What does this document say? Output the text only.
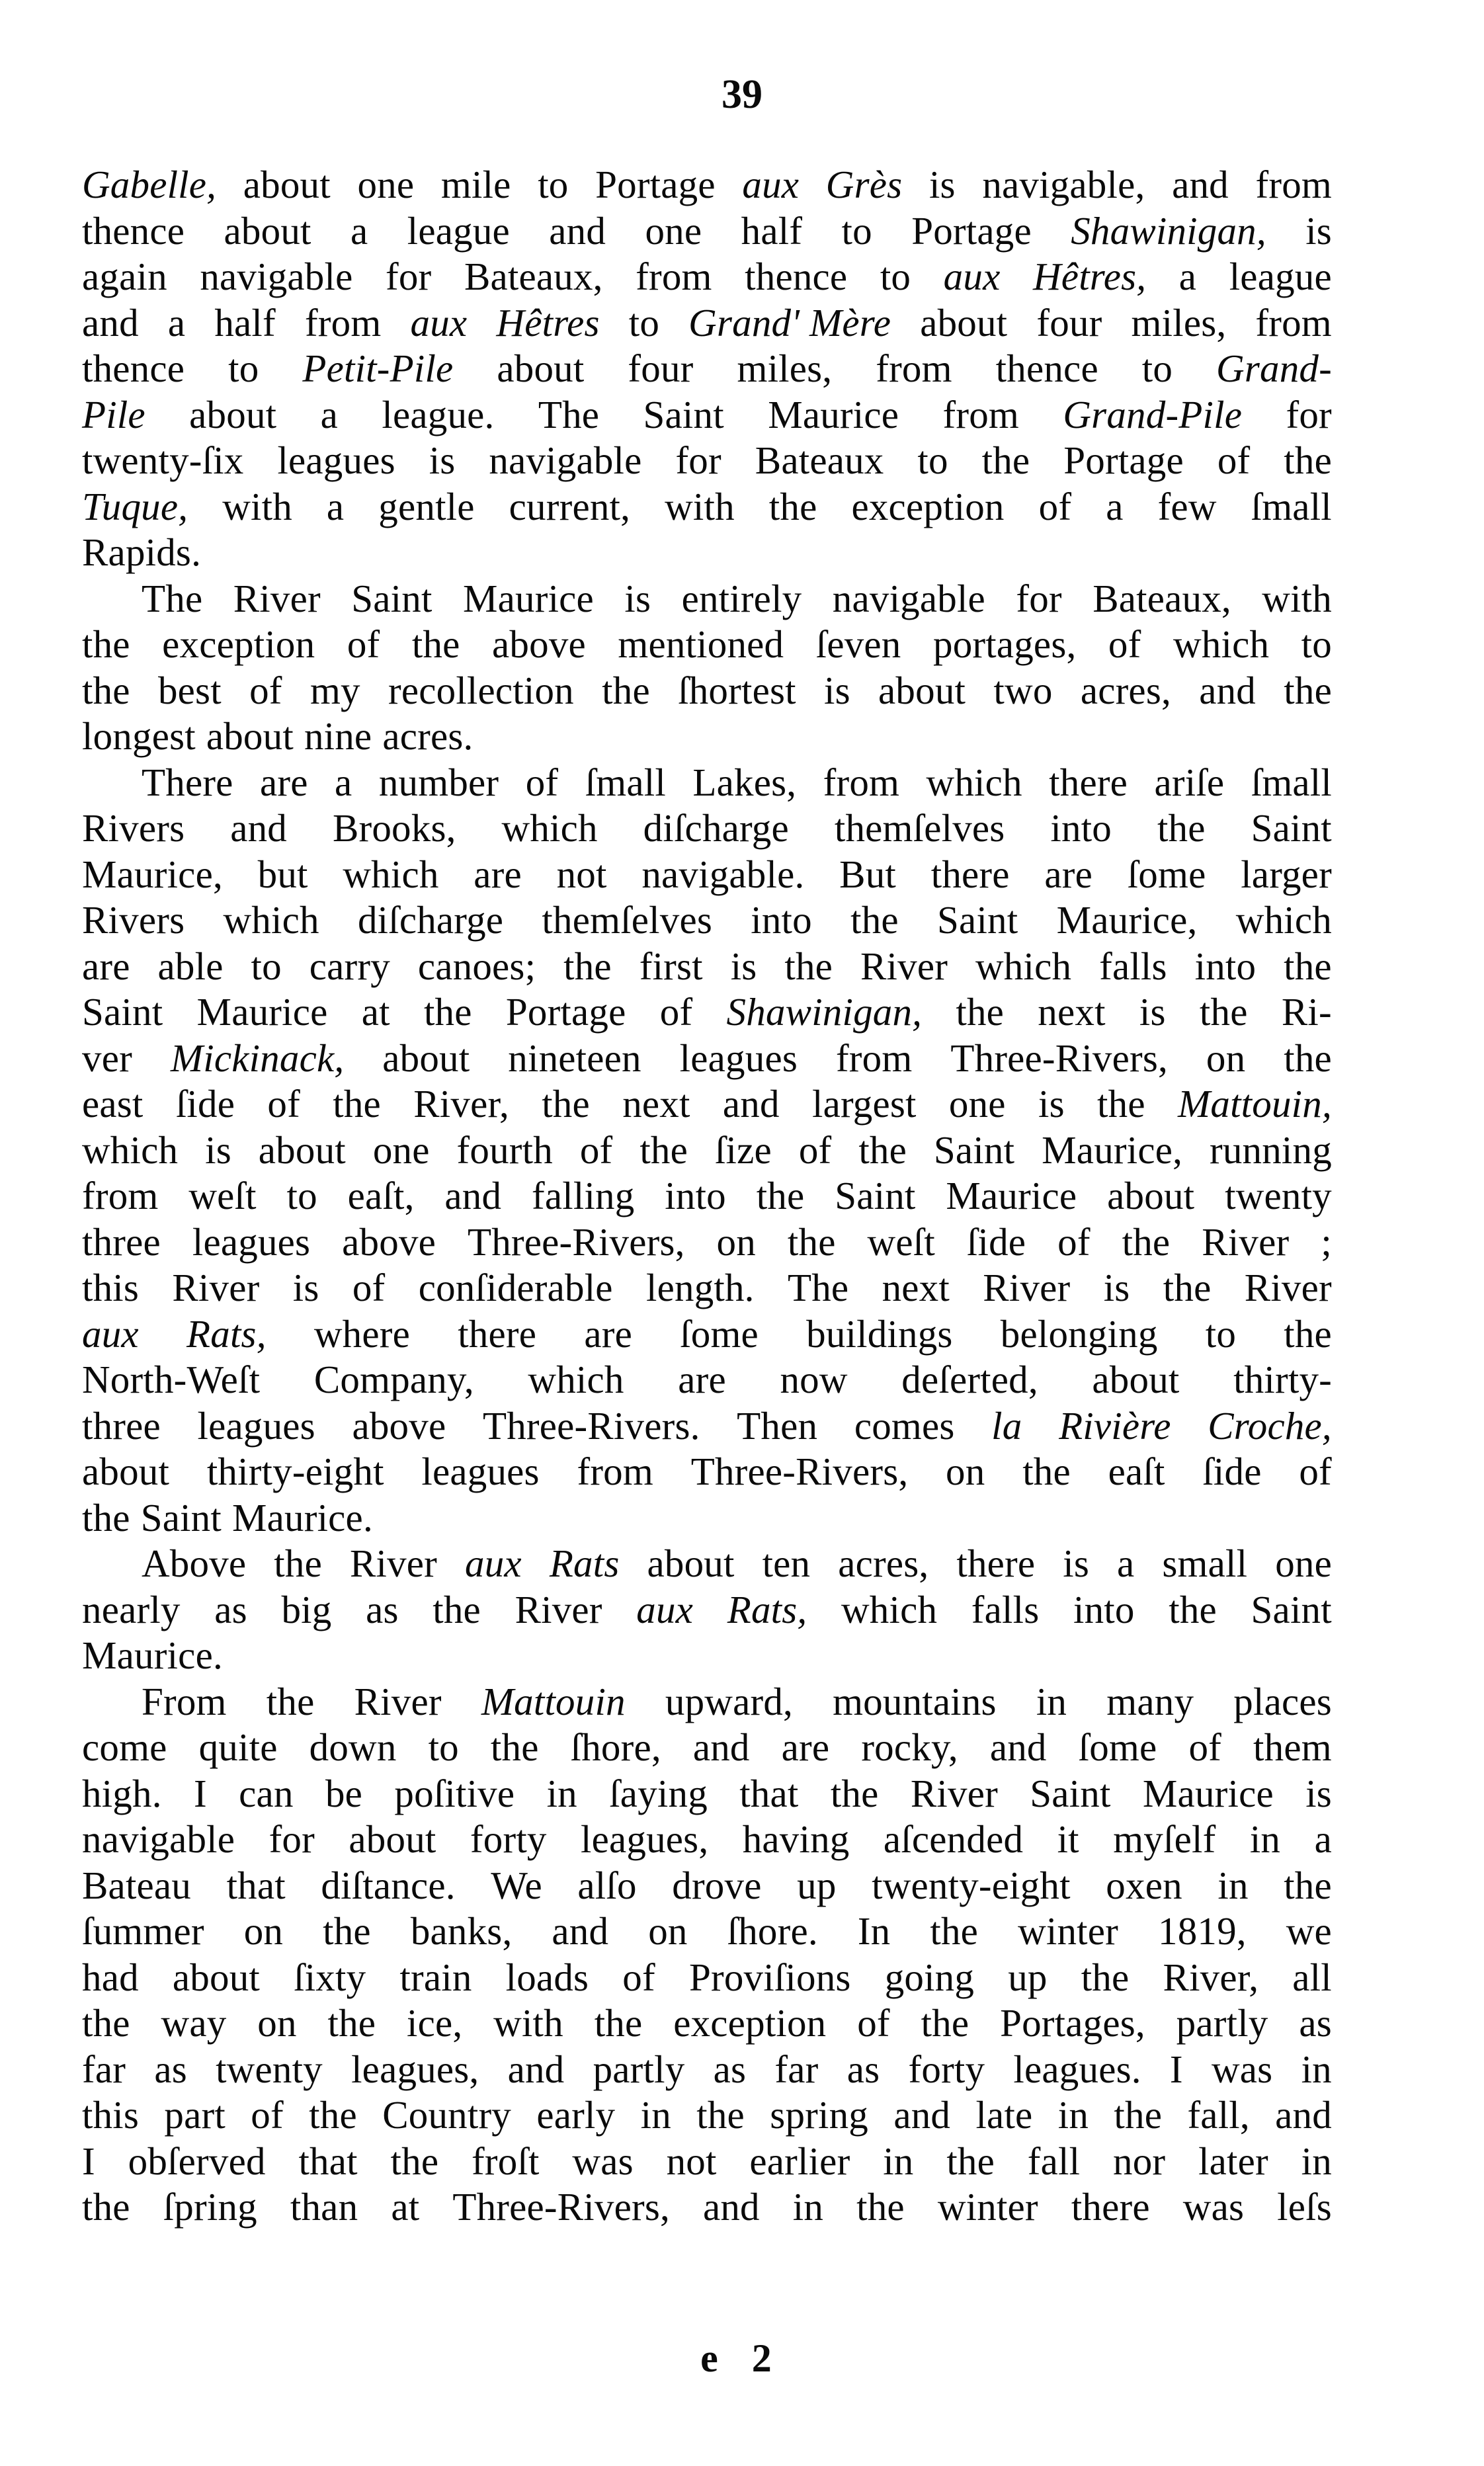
39
Gabelle, about one mile to Portage aux Grès is navigable, and from
thence about a league and one half to Portage Shawinigan, is
again navigable for Bateaux, from thence to aux Hêtres, a league
and a half from aux Hêtres to Grand' Mère about four miles, from
thence to Petit-Pile about four miles, from thence to Grand-
Pile about a league. The Saint Maurice from Grand-Pile for
twenty-ſix leagues is navigable for Bateaux to the Portage of the
Tuque, with a gentle current, with the exception of a few ſmall
Rapids.
The River Saint Maurice is entirely navigable for Bateaux, with
the exception of the above mentioned ſeven portages, of which to
the best of my recollection the ſhortest is about two acres, and the
longest about nine acres.
There are a number of ſmall Lakes, from which there ariſe ſmall
Rivers and Brooks, which diſcharge themſelves into the Saint
Maurice, but which are not navigable. But there are ſome larger
Rivers which diſcharge themſelves into the Saint Maurice, which
are able to carry canoes; the first is the River which falls into the
Saint Maurice at the Portage of Shawinigan, the next is the Ri-
ver Mickinack, about nineteen leagues from Three-Rivers, on the
east ſide of the River, the next and largest one is the Mattouin,
which is about one fourth of the ſize of the Saint Maurice, running
from weſt to eaſt, and falling into the Saint Maurice about twenty
three leagues above Three-Rivers, on the weſt ſide of the River ;
this River is of conſiderable length. The next River is the River
aux Rats, where there are ſome buildings belonging to the
North-Weſt Company, which are now deſerted, about thirty-
three leagues above Three-Rivers. Then comes la Rivière Croche,
about thirty-eight leagues from Three-Rivers, on the eaſt ſide of
the Saint Maurice.
Above the River aux Rats about ten acres, there is a small one
nearly as big as the River aux Rats, which falls into the Saint
Maurice.
From the River Mattouin upward, mountains in many places
come quite down to the ſhore, and are rocky, and ſome of them
high. I can be poſitive in ſaying that the River Saint Maurice is
navigable for about forty leagues, having aſcended it myſelf in a
Bateau that diſtance. We alſo drove up twenty-eight oxen in the
ſummer on the banks, and on ſhore. In the winter 1819, we
had about ſixty train loads of Proviſions going up the River, all
the way on the ice, with the exception of the Portages, partly as
far as twenty leagues, and partly as far as forty leagues. I was in
this part of the Country early in the spring and late in the fall, and
I obſerved that the froſt was not earlier in the fall nor later in
the ſpring than at Three-Rivers, and in the winter there was leſs
e 2
